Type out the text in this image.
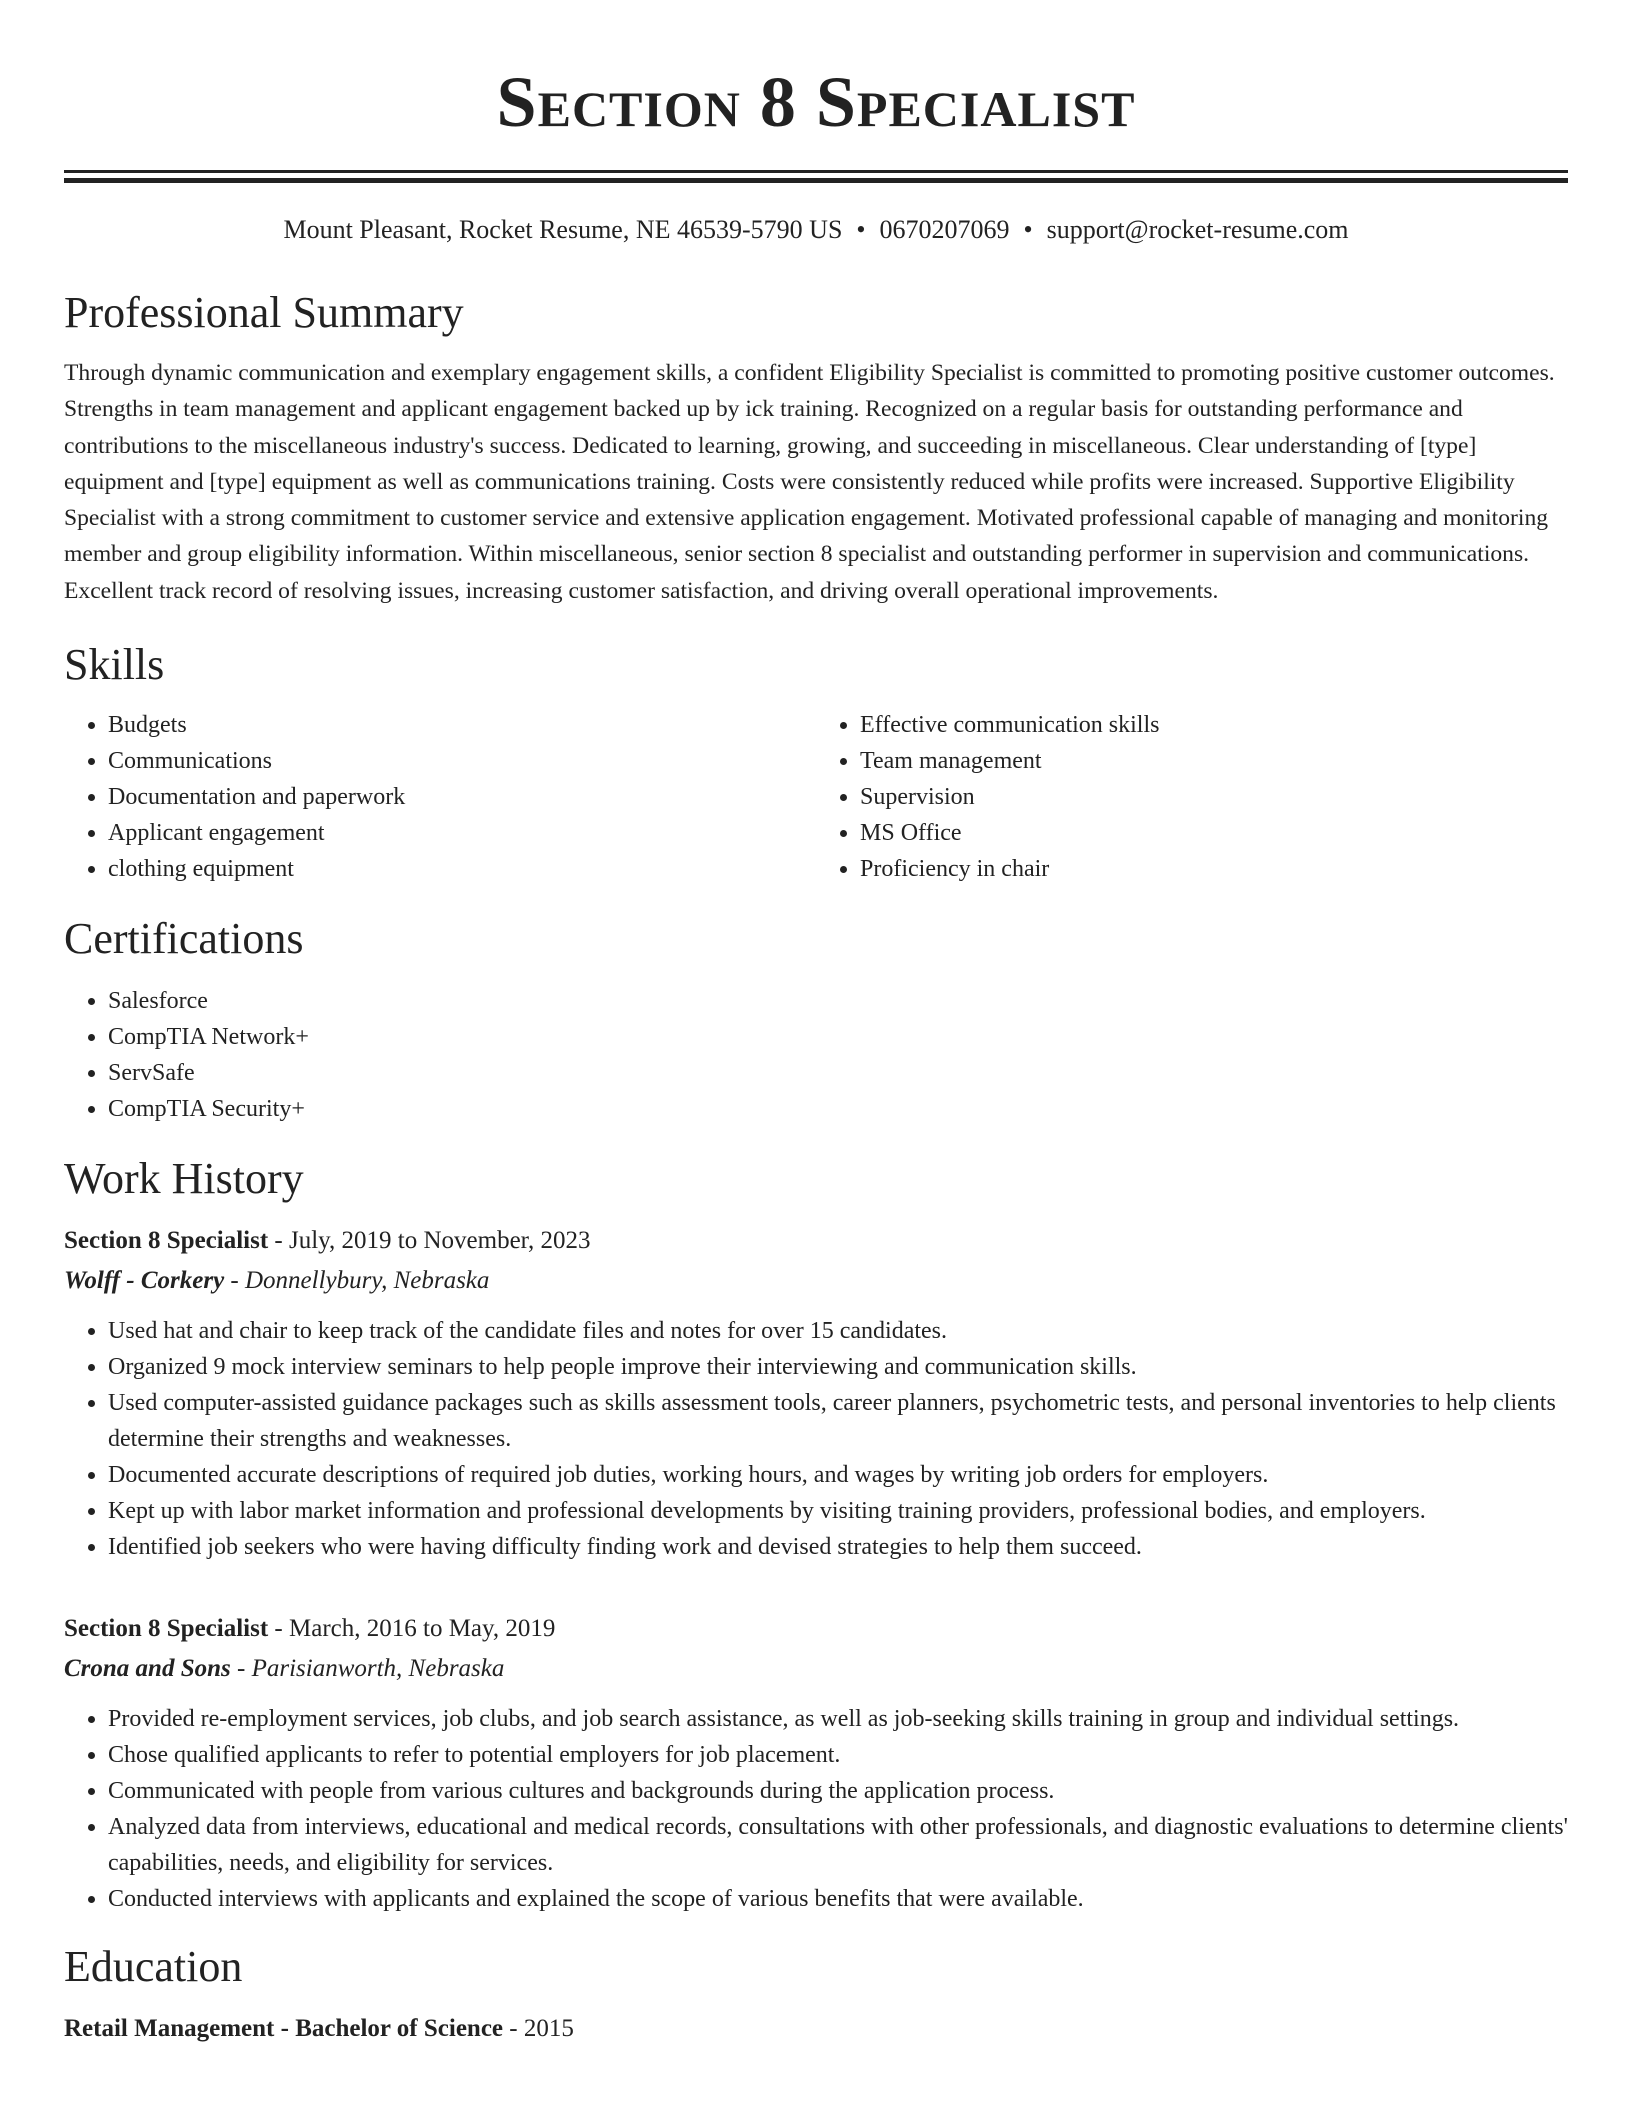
Section 8 Specialist
Mount Pleasant, Rocket Resume, NE 46539-5790 US • 0670207069 • support@rocket-resume.com
Professional Summary

Through dynamic communication and exemplary engagement skills, a confident Eligibility Specialist is committed to promoting positive customer outcomes. Strengths in team management and applicant engagement backed up by ick training. Recognized on a regular basis for outstanding performance and contributions to the miscellaneous industry's success. Dedicated to learning, growing, and succeeding in miscellaneous. Clear understanding of [type] equipment and [type] equipment as well as communications training. Costs were consistently reduced while profits were increased. Supportive Eligibility Specialist with a strong commitment to customer service and extensive application engagement. Motivated professional capable of managing and monitoring member and group eligibility information. Within miscellaneous, senior section 8 specialist and outstanding performer in supervision and communications. Excellent track record of resolving issues, increasing customer satisfaction, and driving overall operational improvements.

Skills
• Budgets
• Communications
• Documentation and paperwork
• Applicant engagement
• clothing equipment
• Effective communication skills
• Team management
• Supervision
• MS Office
• Proficiency in chair
Certifications
• Salesforce
• CompTIA Network+
• ServSafe
• CompTIA Security+
Work History
Section 8 Specialist - July, 2019 to November, 2023
Wolff - Corkery - Donnellybury, Nebraska
• Used hat and chair to keep track of the candidate files and notes for over 15 candidates.
• Organized 9 mock interview seminars to help people improve their interviewing and communication skills.
• Used computer-assisted guidance packages such as skills assessment tools, career planners, psychometric tests, and personal inventories to help clients determine their strengths and weaknesses.
• Documented accurate descriptions of required job duties, working hours, and wages by writing job orders for employers.
• Kept up with labor market information and professional developments by visiting training providers, professional bodies, and employers.
• Identified job seekers who were having difficulty finding work and devised strategies to help them succeed.
Section 8 Specialist - March, 2016 to May, 2019
Crona and Sons - Parisianworth, Nebraska
• Provided re-employment services, job clubs, and job search assistance, as well as job-seeking skills training in group and individual settings.
• Chose qualified applicants to refer to potential employers for job placement.
• Communicated with people from various cultures and backgrounds during the application process.
• Analyzed data from interviews, educational and medical records, consultations with other professionals, and diagnostic evaluations to determine clients' capabilities, needs, and eligibility for services.
• Conducted interviews with applicants and explained the scope of various benefits that were available.
Education
Retail Management - Bachelor of Science - 2015
